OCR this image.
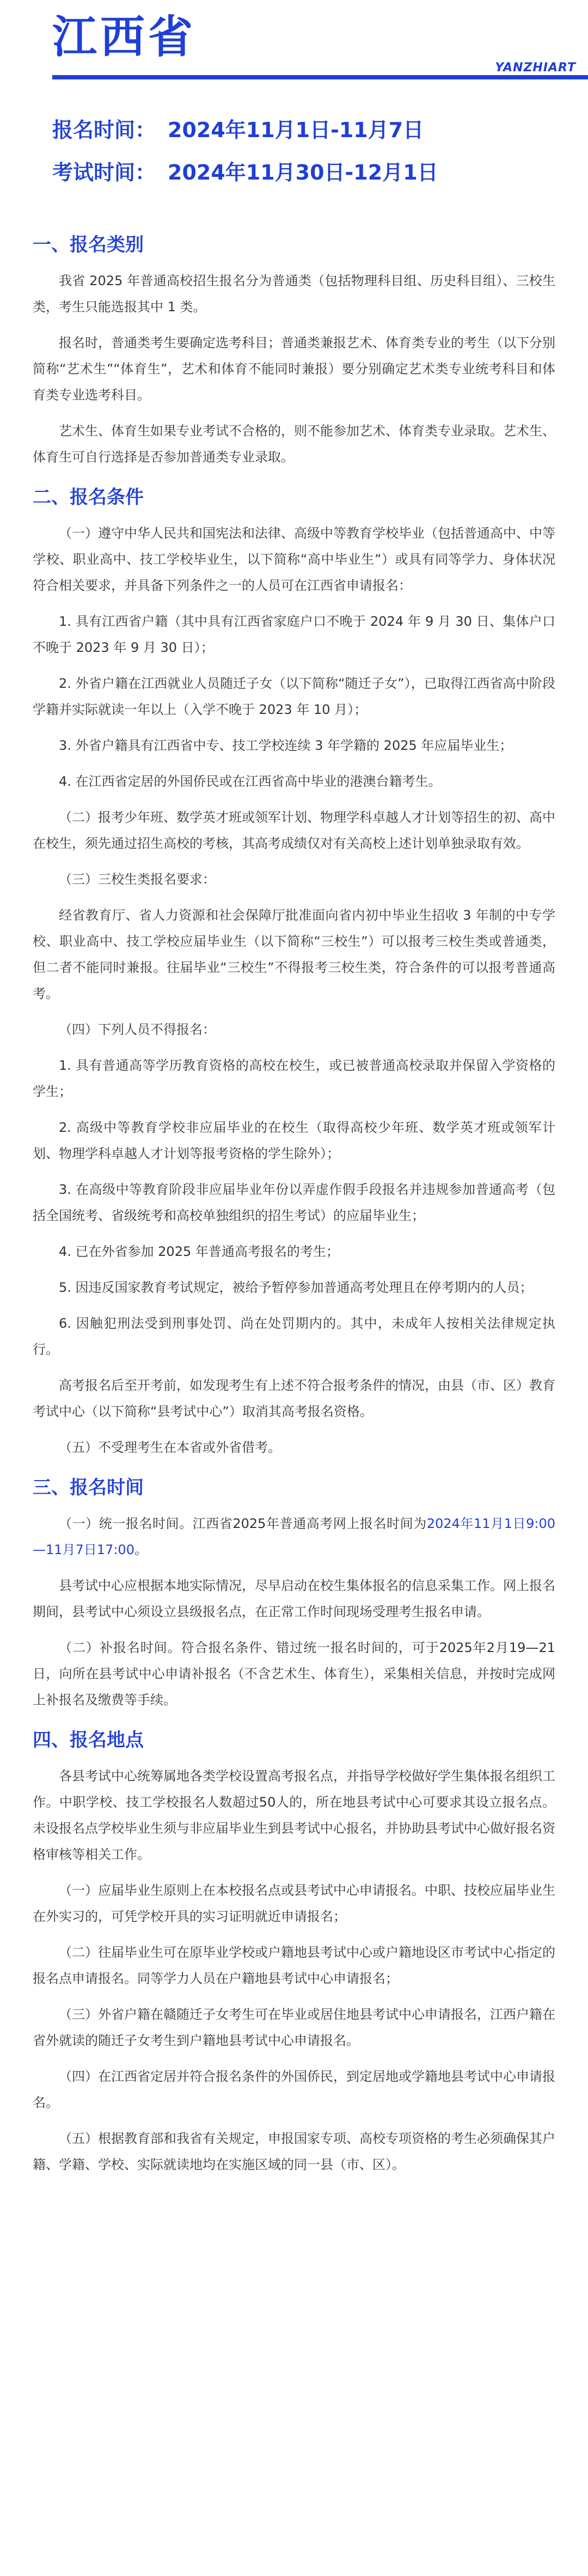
江西省
YANZHIART
报名时间： 2024年11月1日-11月7日
考试时间： 2024年11月30日-12月1日
一、报名类别

我省 2025 年普通高校招生报名分为普通类（包括物理科目组、历史科目组）、三校生类，考生只能选报其中 1 类。

报名时，普通类考生要确定选考科目；普通类兼报艺术、体育类专业的考生（以下分别简称“艺术生”“体育生”，艺术和体育不能同时兼报）要分别确定艺术类专业统考科目和体育类专业选考科目。

艺术生、体育生如果专业考试不合格的，则不能参加艺术、体育类专业录取。艺术生、体育生可自行选择是否参加普通类专业录取。

二、报名条件

（一）遵守中华人民共和国宪法和法律、高级中等教育学校毕业（包括普通高中、中等学校、职业高中、技工学校毕业生，以下简称“高中毕业生”）或具有同等学力、身体状况符合相关要求，并具备下列条件之一的人员可在江西省申请报名：

1. 具有江西省户籍（其中具有江西省家庭户口不晚于 2024 年 9 月 30 日、集体户口不晚于 2023 年 9 月 30 日）；

2. 外省户籍在江西就业人员随迁子女（以下简称“随迁子女”），已取得江西省高中阶段学籍并实际就读一年以上（入学不晚于 2023 年 10 月）；

3. 外省户籍具有江西省中专、技工学校连续 3 年学籍的 2025 年应届毕业生；

4. 在江西省定居的外国侨民或在江西省高中毕业的港澳台籍考生。

（二）报考少年班、数学英才班或领军计划、物理学科卓越人才计划等招生的初、高中在校生，须先通过招生高校的考核，其高考成绩仅对有关高校上述计划单独录取有效。

（三）三校生类报名要求：

经省教育厅、省人力资源和社会保障厅批准面向省内初中毕业生招收 3 年制的中专学校、职业高中、技工学校应届毕业生（以下简称“三校生”）可以报考三校生类或普通类，但二者不能同时兼报。往届毕业“三校生”不得报考三校生类，符合条件的可以报考普通高考。

（四）下列人员不得报名：

1. 具有普通高等学历教育资格的高校在校生，或已被普通高校录取并保留入学资格的学生；

2. 高级中等教育学校非应届毕业的在校生（取得高校少年班、数学英才班或领军计划、物理学科卓越人才计划等报考资格的学生除外）；

3. 在高级中等教育阶段非应届毕业年份以弄虚作假手段报名并违规参加普通高考（包括全国统考、省级统考和高校单独组织的招生考试）的应届毕业生；

4. 已在外省参加 2025 年普通高考报名的考生；

5. 因违反国家教育考试规定，被给予暂停参加普通高考处理且在停考期内的人员；

6. 因触犯刑法受到刑事处罚、尚在处罚期内的。其中，未成年人按相关法律规定执行。

高考报名后至开考前，如发现考生有上述不符合报考条件的情况，由县（市、区）教育考试中心（以下简称“县考试中心”）取消其高考报名资格。

（五）不受理考生在本省或外省借考。

三、报名时间

（一）统一报名时间。江西省2025年普通高考网上报名时间为2024年11月1日9:00—11月7日17:00。

县考试中心应根据本地实际情况，尽早启动在校生集体报名的信息采集工作。网上报名期间，县考试中心须设立县级报名点，在正常工作时间现场受理考生报名申请。

（二）补报名时间。符合报名条件、错过统一报名时间的，可于2025年2月19—21日，向所在县考试中心申请补报名（不含艺术生、体育生），采集相关信息，并按时完成网上补报名及缴费等手续。

四、报名地点

各县考试中心统筹属地各类学校设置高考报名点，并指导学校做好学生集体报名组织工作。中职学校、技工学校报名人数超过50人的，所在地县考试中心可要求其设立报名点。未设报名点学校毕业生须与非应届毕业生到县考试中心报名，并协助县考试中心做好报名资格审核等相关工作。

（一）应届毕业生原则上在本校报名点或县考试中心申请报名。中职、技校应届毕业生在外实习的，可凭学校开具的实习证明就近申请报名；

（二）往届毕业生可在原毕业学校或户籍地县考试中心或户籍地设区市考试中心指定的报名点申请报名。同等学力人员在户籍地县考试中心申请报名；

（三）外省户籍在赣随迁子女考生可在毕业或居住地县考试中心申请报名，江西户籍在省外就读的随迁子女考生到户籍地县考试中心申请报名。

（四）在江西省定居并符合报名条件的外国侨民，到定居地或学籍地县考试中心申请报名。

（五）根据教育部和我省有关规定，申报国家专项、高校专项资格的考生必须确保其户籍、学籍、学校、实际就读地均在实施区域的同一县（市、区）。
